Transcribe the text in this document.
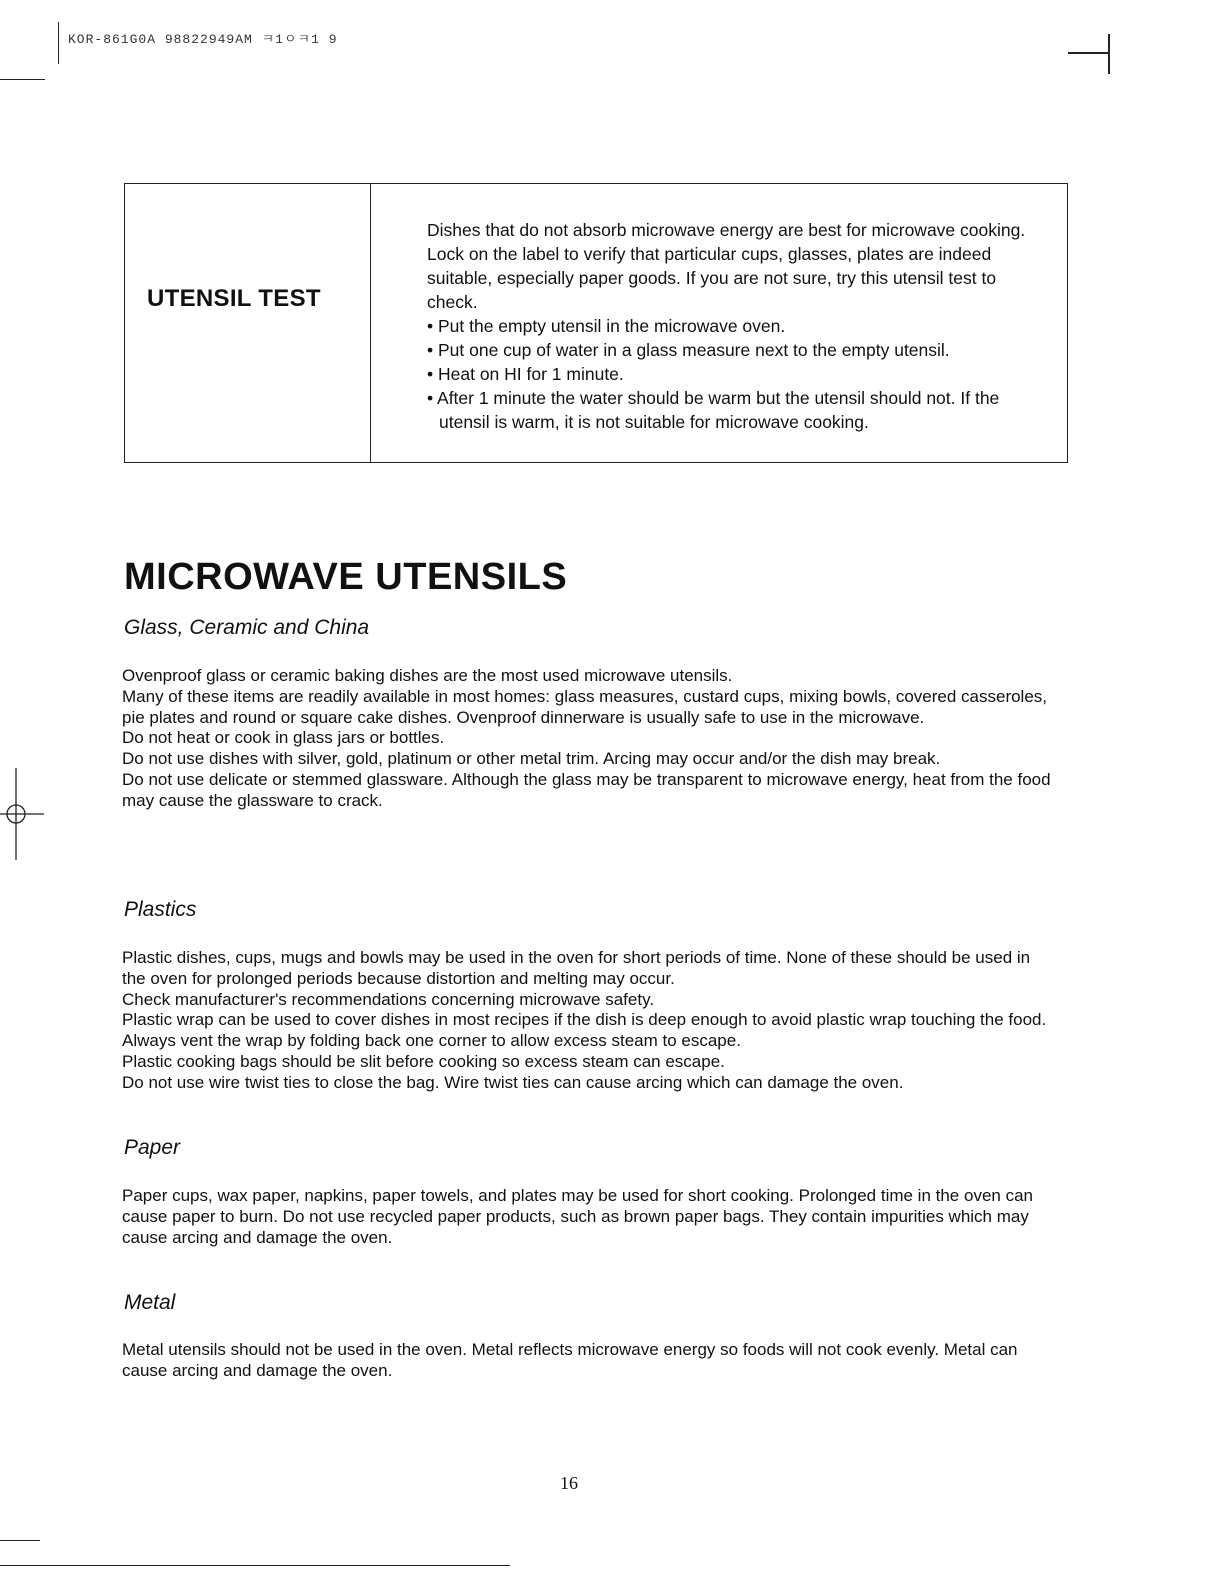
KOR-861G0A 98822949AM ㅋ1ㅇㅋ1 9
UTENSIL TEST

Dishes that do not absorb microwave energy are best for microwave cooking. Lock on the label to verify that particular cups, glasses, plates are indeed suitable, especially paper goods. If you are not sure, try this utensil test to check.

• Put the empty utensil in the microwave oven.
• Put one cup of water in a glass measure next to the empty utensil.
• Heat on HI for 1 minute.
• After 1 minute the water should be warm but the utensil should not. If the utensil is warm, it is not suitable for microwave cooking.
MICROWAVE UTENSILS
Glass, Ceramic and China

Ovenproof glass or ceramic baking dishes are the most used microwave utensils.

Many of these items are readily available in most homes: glass measures, custard cups, mixing bowls, covered casseroles, pie plates and round or square cake dishes. Ovenproof dinnerware is usually safe to use in the microwave.

Do not heat or cook in glass jars or bottles.

Do not use dishes with silver, gold, platinum or other metal trim. Arcing may occur and/or the dish may break.

Do not use delicate or stemmed glassware. Although the glass may be transparent to microwave energy, heat from the food may cause the glassware to crack.

Plastics

Plastic dishes, cups, mugs and bowls may be used in the oven for short periods of time. None of these should be used in the oven for prolonged periods because distortion and melting may occur.

Check manufacturer's recommendations concerning microwave safety.

Plastic wrap can be used to cover dishes in most recipes if the dish is deep enough to avoid plastic wrap touching the food. Always vent the wrap by folding back one corner to allow excess steam to escape.

Plastic cooking bags should be slit before cooking so excess steam can escape.

Do not use wire twist ties to close the bag. Wire twist ties can cause arcing which can damage the oven.

Paper

Paper cups, wax paper, napkins, paper towels, and plates may be used for short cooking. Prolonged time in the oven can cause paper to burn. Do not use recycled paper products, such as brown paper bags. They contain impurities which may cause arcing and damage the oven.

Metal

Metal utensils should not be used in the oven. Metal reflects microwave energy so foods will not cook evenly. Metal can cause arcing and damage the oven.

16
